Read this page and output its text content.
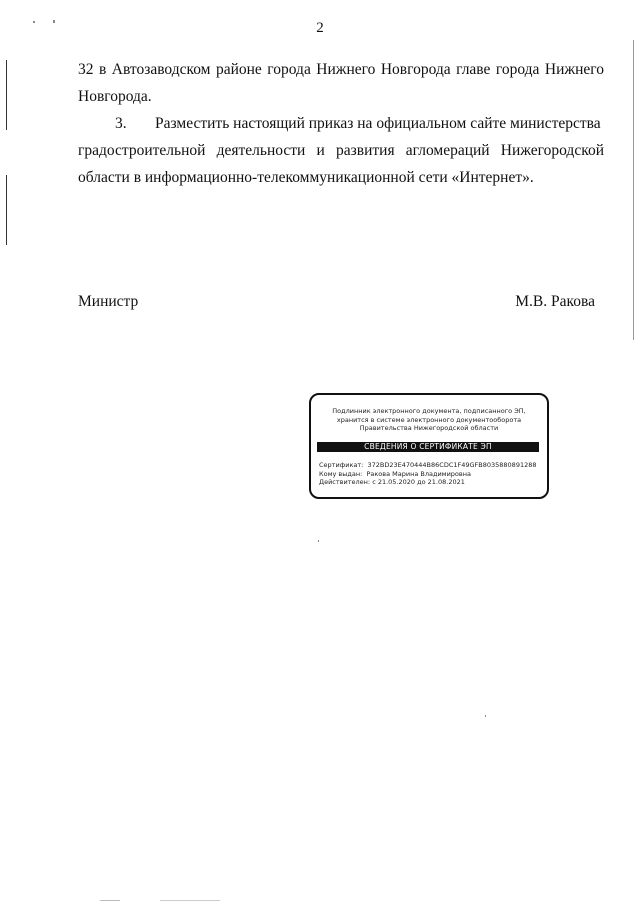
2
32 в Автозаводском районе города Нижнего Новгорода главе города Нижнего
Новгорода.
3. Разместить настоящий приказ на официальном сайте министерства
градостроительной деятельности и развития агломераций Нижегородской
области в информационно-телекоммуникационной сети «Интернет».
Министр	М.В. Ракова
Подлинник электронного документа, подписанного ЭП,
хранится в системе электронного документооборота
Правительства Нижегородской области
СВЕДЕНИЯ О СЕРТИФИКАТЕ ЭП
Сертификат: 372BD23E470444B86CDC1F49GFB8035880891288
Кому выдан: Ракова Марина Владимировна
Действителен: с 21.05.2020 до 21.08.2021
